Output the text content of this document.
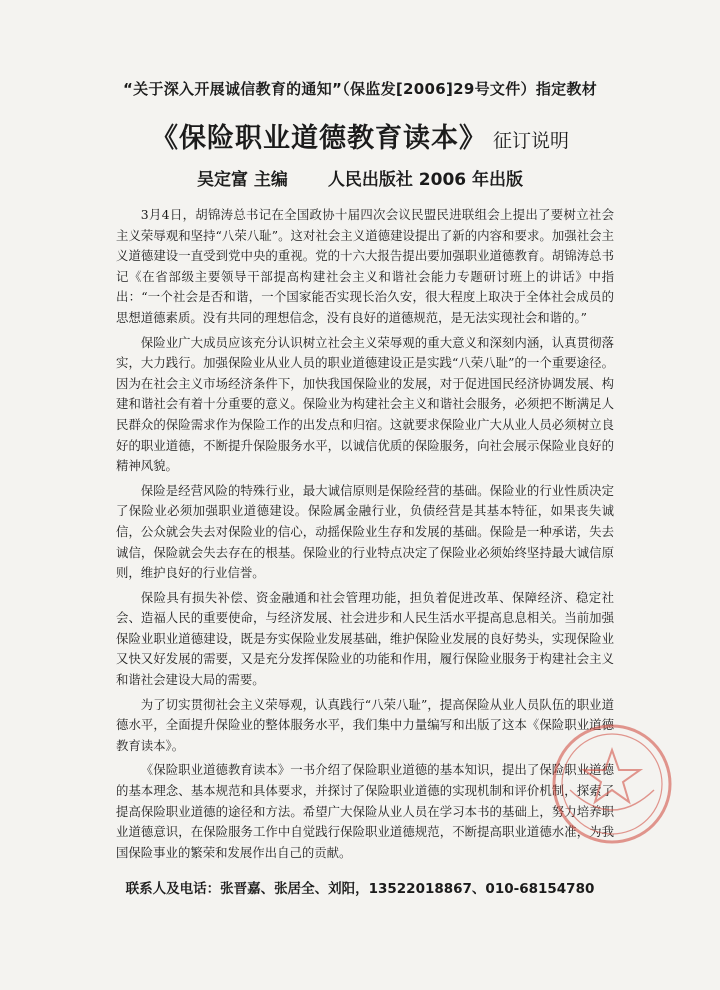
“关于深入开展诚信教育的通知”（保监发[2006]29号文件）指定教材
《保险职业道德教育读本》 征订说明
吴定富 主编 人民出版社 2006 年出版

3月4日，胡锦涛总书记在全国政协十届四次会议民盟民进联组会上提出了要树立社会主义荣辱观和坚持“八荣八耻”。这对社会主义道德建设提出了新的内容和要求。加强社会主义道德建设一直受到党中央的重视。党的十六大报告提出要加强职业道德教育。胡锦涛总书记《在省部级主要领导干部提高构建社会主义和谐社会能力专题研讨班上的讲话》中指出：“一个社会是否和谐，一个国家能否实现长治久安，很大程度上取决于全体社会成员的思想道德素质。没有共同的理想信念，没有良好的道德规范，是无法实现社会和谐的。”

保险业广大成员应该充分认识树立社会主义荣辱观的重大意义和深刻内涵，认真贯彻落实，大力践行。加强保险业从业人员的职业道德建设正是实践“八荣八耻”的一个重要途径。因为在社会主义市场经济条件下，加快我国保险业的发展，对于促进国民经济协调发展、构建和谐社会有着十分重要的意义。保险业为构建社会主义和谐社会服务，必须把不断满足人民群众的保险需求作为保险工作的出发点和归宿。这就要求保险业广大从业人员必须树立良好的职业道德，不断提升保险服务水平，以诚信优质的保险服务，向社会展示保险业良好的精神风貌。

保险是经营风险的特殊行业，最大诚信原则是保险经营的基础。保险业的行业性质决定了保险业必须加强职业道德建设。保险属金融行业，负债经营是其基本特征，如果丧失诚信，公众就会失去对保险业的信心，动摇保险业生存和发展的基础。保险是一种承诺，失去诚信，保险就会失去存在的根基。保险业的行业特点决定了保险业必须始终坚持最大诚信原则，维护良好的行业信誉。

保险具有损失补偿、资金融通和社会管理功能，担负着促进改革、保障经济、稳定社会、造福人民的重要使命，与经济发展、社会进步和人民生活水平提高息息相关。当前加强保险业职业道德建设，既是夯实保险业发展基础，维护保险业发展的良好势头，实现保险业又快又好发展的需要，又是充分发挥保险业的功能和作用，履行保险业服务于构建社会主义和谐社会建设大局的需要。

为了切实贯彻社会主义荣辱观，认真践行“八荣八耻”，提高保险从业人员队伍的职业道德水平，全面提升保险业的整体服务水平，我们集中力量编写和出版了这本《保险职业道德教育读本》。

《保险职业道德教育读本》一书介绍了保险职业道德的基本知识，提出了保险职业道德的基本理念、基本规范和具体要求，并探讨了保险职业道德的实现机制和评价机制，探索了提高保险职业道德的途径和方法。希望广大保险从业人员在学习本书的基础上，努力培养职业道德意识，在保险服务工作中自觉践行保险职业道德规范，不断提高职业道德水准，为我国保险事业的繁荣和发展作出自己的贡献。

联系人及电话：张晋嘉、张居全、刘阳，13522018867、010-68154780
